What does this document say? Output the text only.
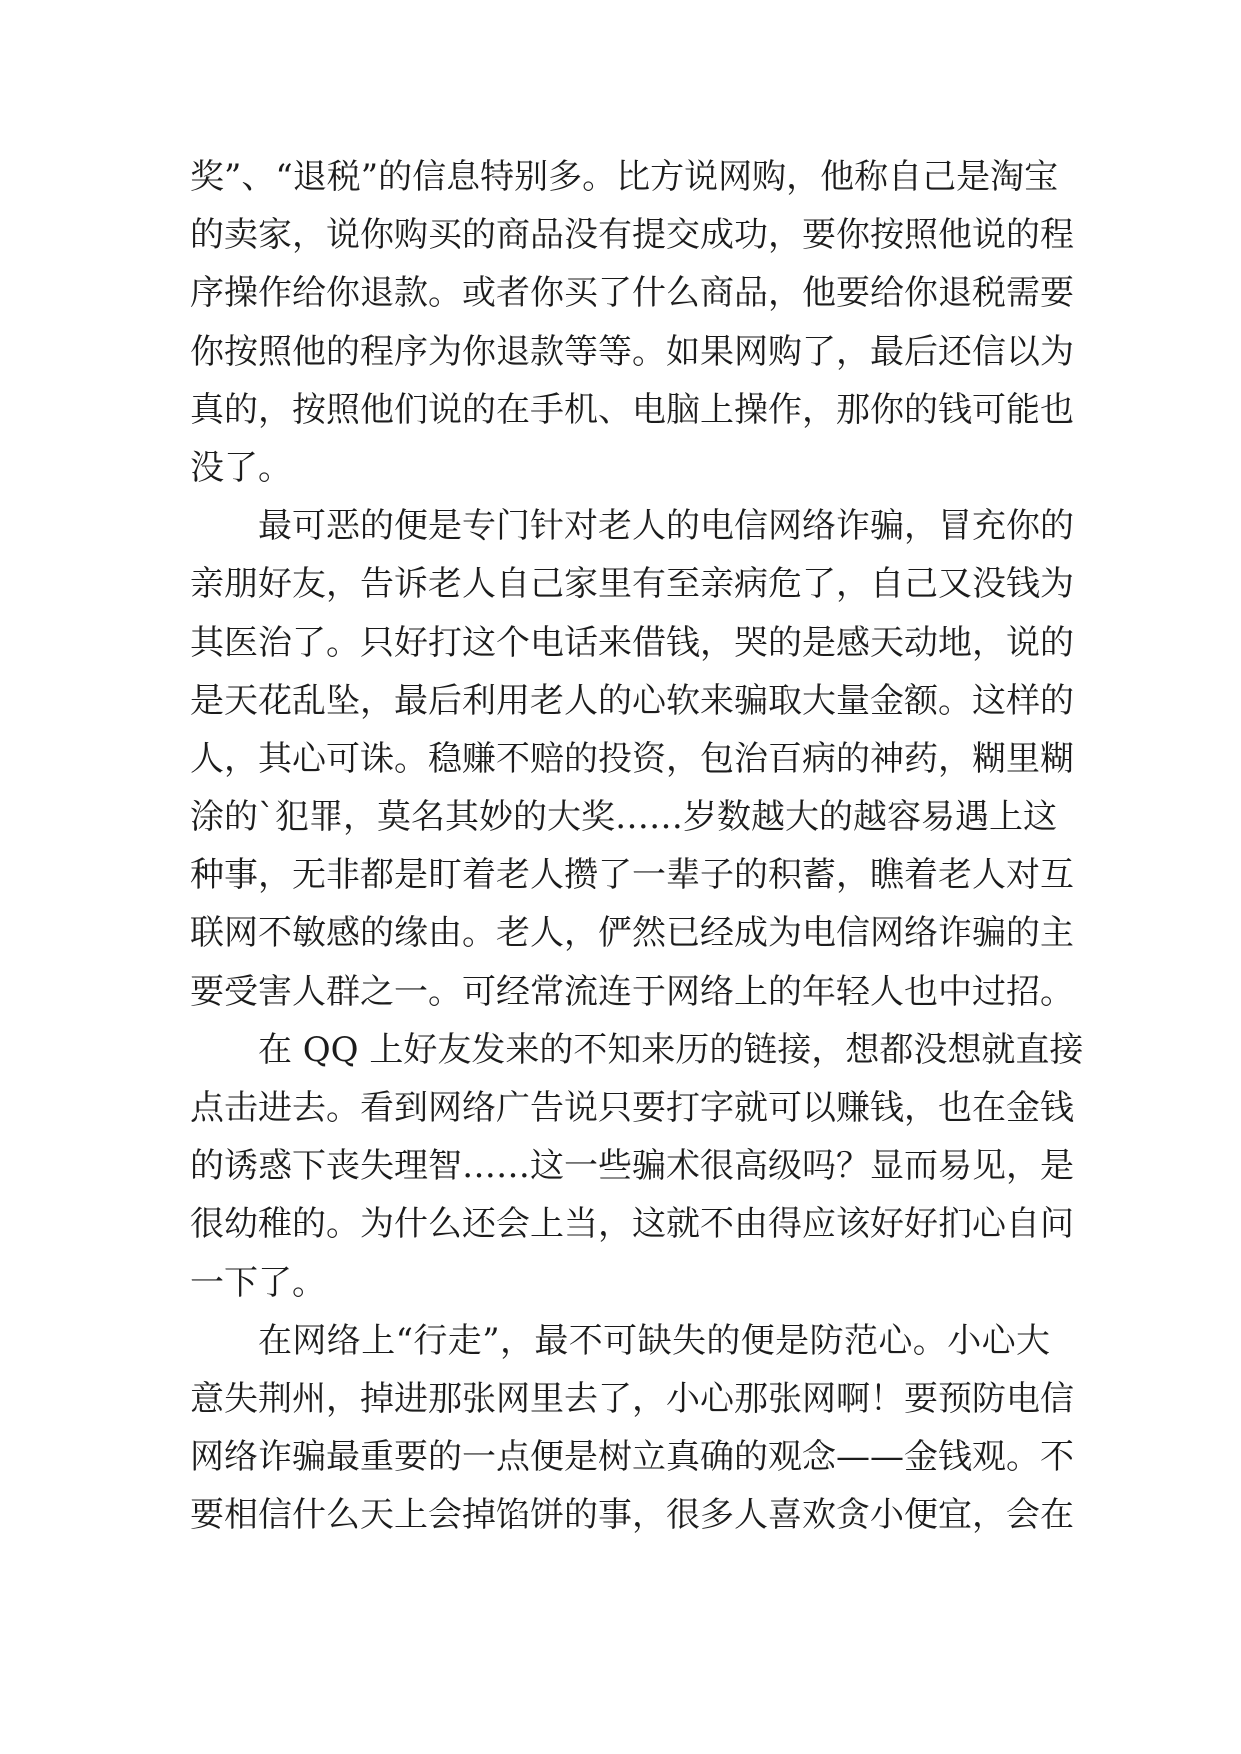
奖”、“退税”的信息特别多。比方说网购，他称自己是淘宝
的卖家，说你购买的商品没有提交成功，要你按照他说的程
序操作给你退款。或者你买了什么商品，他要给你退税需要
你按照他的程序为你退款等等。如果网购了，最后还信以为
真的，按照他们说的在手机、电脑上操作，那你的钱可能也
没了。
最可恶的便是专门针对老人的电信网络诈骗，冒充你的
亲朋好友，告诉老人自己家里有至亲病危了，自己又没钱为
其医治了。只好打这个电话来借钱，哭的是感天动地，说的
是天花乱坠，最后利用老人的心软来骗取大量金额。这样的
人，其心可诛。稳赚不赔的投资，包治百病的神药，糊里糊
涂的`犯罪，莫名其妙的大奖……岁数越大的越容易遇上这
种事，无非都是盯着老人攒了一辈子的积蓄，瞧着老人对互
联网不敏感的缘由。老人，俨然已经成为电信网络诈骗的主
要受害人群之一。可经常流连于网络上的年轻人也中过招。
在 QQ 上好友发来的不知来历的链接，想都没想就直接
点击进去。看到网络广告说只要打字就可以赚钱，也在金钱
的诱惑下丧失理智……这一些骗术很高级吗？显而易见，是
很幼稚的。为什么还会上当，这就不由得应该好好扪心自问
一下了。
在网络上“行走”，最不可缺失的便是防范心。小心大
意失荆州，掉进那张网里去了，小心那张网啊！要预防电信
网络诈骗最重要的一点便是树立真确的观念——金钱观。不
要相信什么天上会掉馅饼的事，很多人喜欢贪小便宜，会在
